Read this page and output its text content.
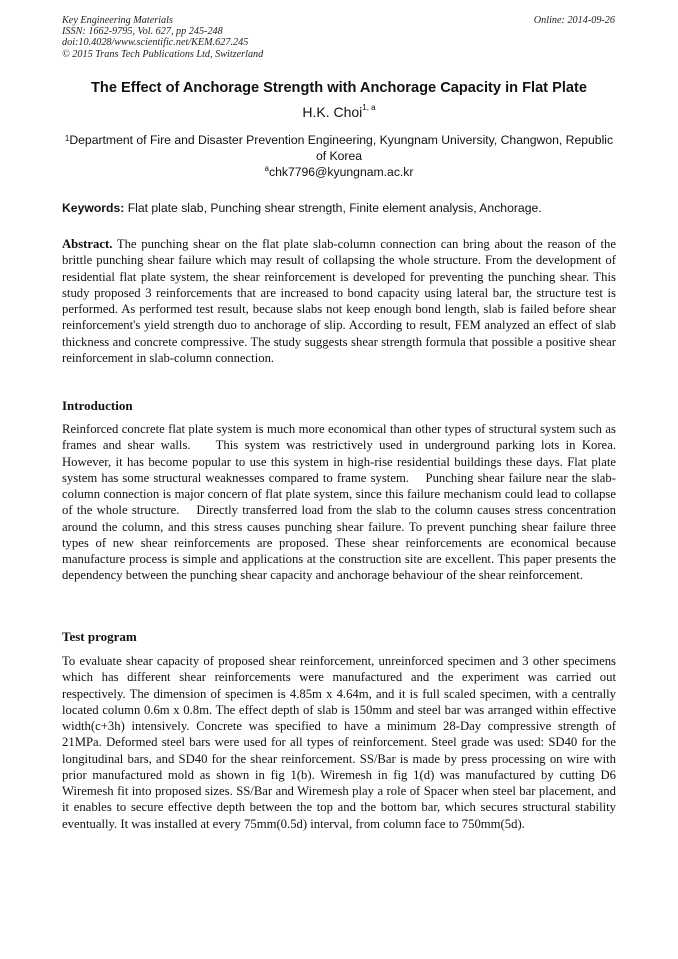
Key Engineering Materials
ISSN: 1662-9795, Vol. 627, pp 245-248
doi:10.4028/www.scientific.net/KEM.627.245
© 2015 Trans Tech Publications Ltd, Switzerland
Online: 2014-09-26
The Effect of Anchorage Strength with Anchorage Capacity in Flat Plate
H.K. Choi$^{1, a}$
$^1$Department of Fire and Disaster Prevention Engineering, Kyungnam University, Changwon, Republic of Korea
$^a$chk7796@kyungnam.ac.kr
Keywords: Flat plate slab, Punching shear strength, Finite element analysis, Anchorage.
Abstract. The punching shear on the flat plate slab-column connection can bring about the reason of the brittle punching shear failure which may result of collapsing the whole structure. From the development of residential flat plate system, the shear reinforcement is developed for preventing the punching shear. This study proposed 3 reinforcements that are increased to bond capacity using lateral bar, the structure test is performed. As performed test result, because slabs not keep enough bond length, slab is failed before shear reinforcement's yield strength duo to anchorage of slip. According to result, FEM analyzed an effect of slab thickness and concrete compressive. The study suggests shear strength formula that possible a positive shear reinforcement in slab-column connection.
Introduction
Reinforced concrete flat plate system is much more economical than other types of structural system such as frames and shear walls.    This system was restrictively used in underground parking lots in Korea.    However, it has become popular to use this system in high-rise residential buildings these days. Flat plate system has some structural weaknesses compared to frame system.    Punching shear failure near the slab-column connection is major concern of flat plate system, since this failure mechanism could lead to collapse of the whole structure.    Directly transferred load from the slab to the column causes stress concentration around the column, and this stress causes punching shear failure. To prevent punching shear failure three types of new shear reinforcements are proposed. These shear reinforcements are economical because manufacture process is simple and applications at the construction site are excellent. This paper presents the dependency between the punching shear capacity and anchorage behaviour of the shear reinforcement.
Test program
To evaluate shear capacity of proposed shear reinforcement, unreinforced specimen and 3 other specimens which has different shear reinforcements were manufactured and the experiment was carried out respectively. The dimension of specimen is 4.85m x 4.64m, and it is full scaled specimen, with a centrally located column 0.6m x 0.8m. The effect depth of slab is 150mm and steel bar was arranged within effective width(c+3h) intensively. Concrete was specified to have a minimum 28-Day compressive strength of 21MPa. Deformed steel bars were used for all types of reinforcement. Steel grade was used: SD40 for the longitudinal bars, and SD40 for the shear reinforcement. SS/Bar is made by press processing on wire with prior manufactured mold as shown in fig 1(b). Wiremesh in fig 1(d) was manufactured by cutting D6 Wiremesh fit into proposed sizes. SS/Bar and Wiremesh play a role of Spacer when steel bar placement, and it enables to secure effective depth between the top and the bottom bar, which secures structural stability eventually. It was installed at every 75mm(0.5d) interval, from column face to 750mm(5d).
